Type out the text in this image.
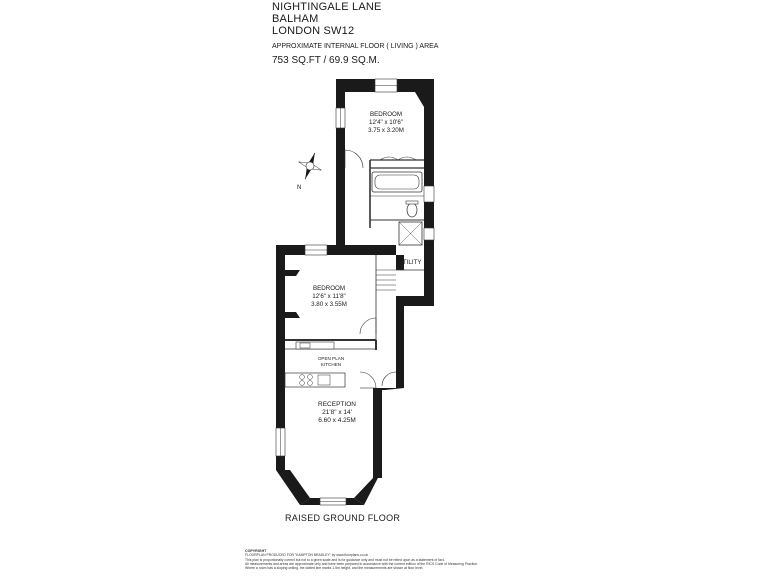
NIGHTINGALE LANE
BALHAM
LONDON SW12
APPROXIMATE INTERNAL FLOOR ( LIVING ) AREA
753 SQ.FT / 69.9 SQ.M.
N
BEDROOM
12'4" x 10'6"
3.75 x 3.20M
BEDROOM
12'6" x 11'8"
3.80 x 3.55M
OPEN PLAN
KITCHEN
RECEPTION
21'8" x 14'
6.60 x 4.25M
UTILITY
RAISED GROUND FLOOR
COPYRIGHT
FLOORPLAN PRODUCED FOR "KAMPTON BRADLEY" by www.floorplans.co.uk
This plan is proportionally correct but not to a given scale and is for guidance only and must not be relied upon as a statement of fact.
All measurements and areas are approximate only and have been prepared in accordance with the current edition of the RICS Code of Measuring Practice.
Where a room has a sloping ceiling, the dotted line marks 1.5m height, and the measurements are shown at floor level.
